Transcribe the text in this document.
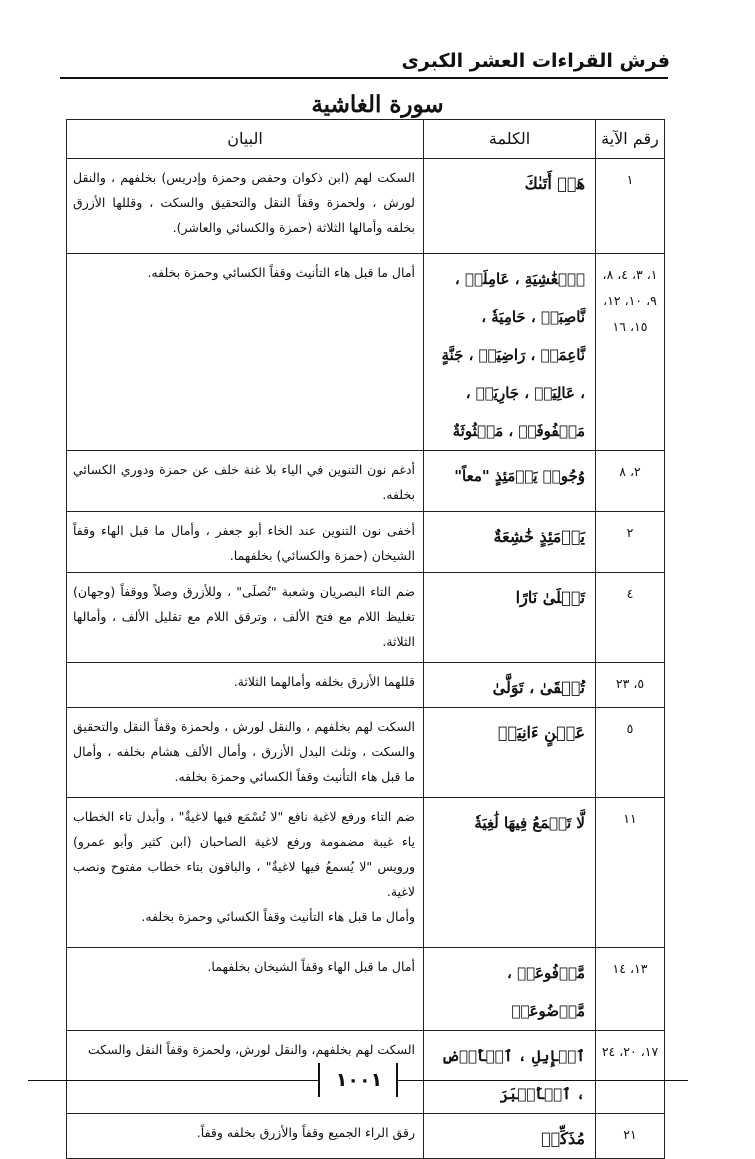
فرش القراءات العشر الكبرى
سورة الغاشية
رقم الآية	الكلمة	البيان
١	هَلۡ أَتَىٰكَ	السكت لهم (ابن ذكوان وحفص وحمزة وإدريس) بخلفهم ، والنقل لورش ، ولحمزة وقفاً النقل والتحقيق والسكت ، وقللها الأزرق بخلفه وأمالها الثلاثة (حمزة والكسائي والعاشر).
١، ٣، ٤، ٨، ٩، ١٠، ١٢، ١٥، ١٦	ٱلۡغَٰشِيَةِ ، عَامِلَةٞ ، نَّاصِبَةٞ ، حَامِيَةٗ ، نَّاعِمَةٞ ، رَاضِيَةٞ ، جَنَّةٍ ، عَالِيَةٖ ، جَارِيَةٞ ، مَصۡفُوفَةٞ ، مَبۡثُوثَةٌ	أمال ما قبل هاء التأنيث وقفاً الكسائي وحمزة بخلفه.
٢، ٨	وُجُوهٞ يَوۡمَئِذٍ "معاً"	أدغم نون التنوين في الياء بلا غنة خلف عن حمزة ودوري الكسائي بخلفه.
٢	يَوۡمَئِذٍ خَٰشِعَةٌ	أخفى نون التنوين عند الخاء أبو جعفر ، وأمال ما قبل الهاء وقفاً الشيخان (حمزة والكسائي) بخلفهما.
٤	تَصۡلَىٰ نَارًا	ضم التاء البصريان وشعبة "تُصلَى" ، وللأزرق وصلاً ووقفاً (وجهان) تغليظ اللام مع فتح الألف ، وترقق اللام مع تقليل الألف ، وأمالها الثلاثة.
٥، ٢٣	تُسۡقَىٰ ، تَوَلَّىٰ	قللهما الأزرق بخلفه وأمالهما الثلاثة.
٥	عَيۡنٍ ءَانِيَةٖ	السكت لهم بخلفهم ، والنقل لورش ، ولحمزة وقفاً النقل والتحقيق والسكت ، وثلث البدل الأزرق ، وأمال الألف هشام بخلفه ، وأمال ما قبل هاء التأنيث وقفاً الكسائي وحمزة بخلفه.
١١	لَّا تَسۡمَعُ فِيهَا لَٰغِيَةٗ	ضم التاء ورفع لاغية نافع "لا تُسْمَع فيها لاغيةٌ" ، وأبدل تاء الخطاب ياء غيبة مضمومة ورفع لاغية الصاحبان (ابن كثير وأبو عمرو) ورويس "لا يُسمعُ فيها لاغيةٌ" ، والباقون بتاء خطاب مفتوح ونصب لاغية.
وأمال ما قبل هاء التأنيث وقفاً الكسائي وحمزة بخلفه.

١٣، ١٤	مَّرۡفُوعَةٞ ، مَّوۡضُوعَةٞ	أمال ما قبل الهاء وقفاً الشيخان بخلفهما.
١٧، ٢٠، ٢٤	ٱلۡإِبِلِ ، ٱلۡأَرۡضِ ، ٱلۡأَكۡبَرَ	السكت لهم بخلفهم، والنقل لورش، ولحمزة وقفاً النقل والسكت
٢١	مُذَكِّرٞ	رقق الراء الجميع وقفاً والأزرق بخلفه وقفاً.
١٠٠١
